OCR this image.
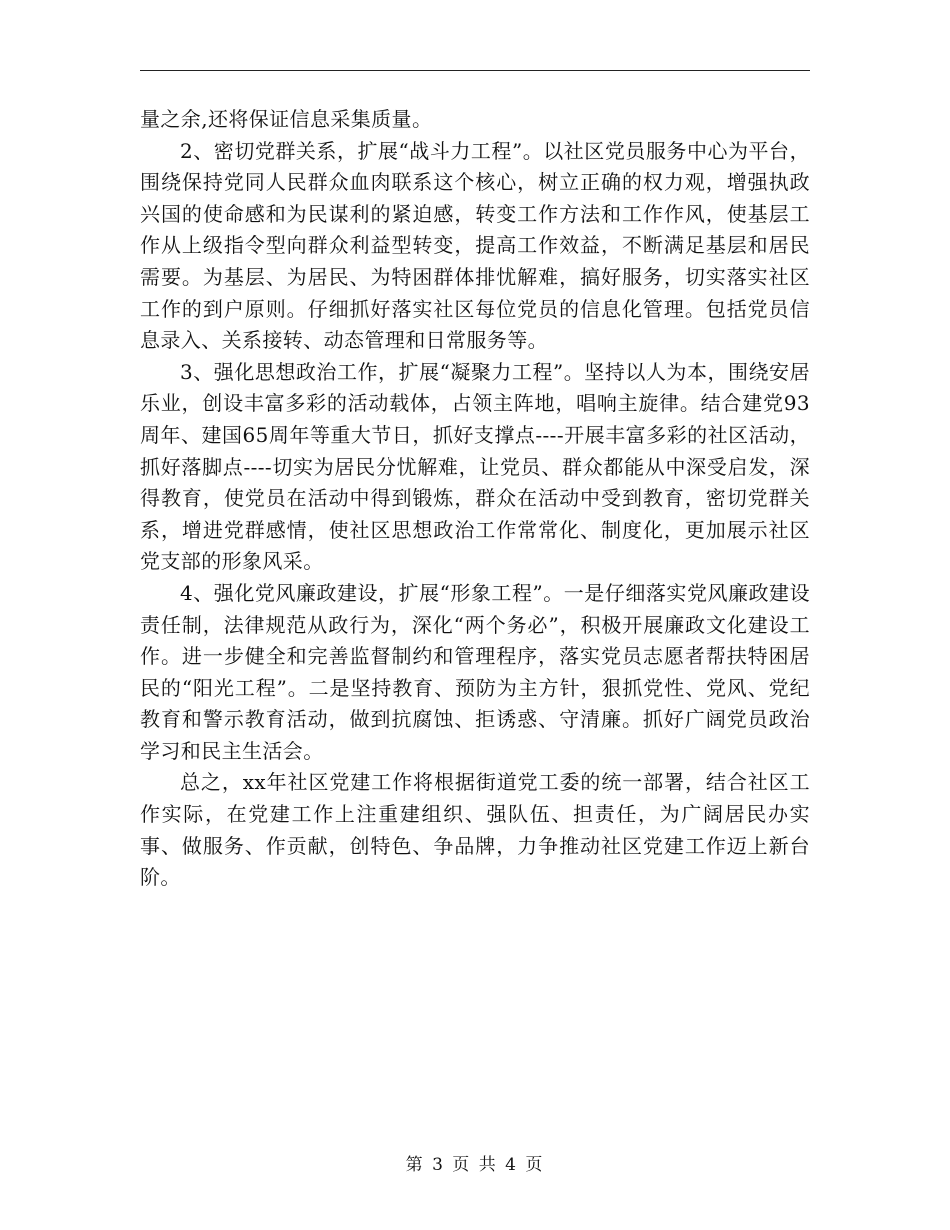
量之余,还将保证信息采集质量。

2、密切党群关系，扩展“战斗力工程”。以社区党员服务中心为平台，围绕保持党同人民群众血肉联系这个核心，树立正确的权力观，增强执政兴国的使命感和为民谋利的紧迫感，转变工作方法和工作作风，使基层工作从上级指令型向群众利益型转变，提高工作效益，不断满足基层和居民需要。为基层、为居民、为特困群体排忧解难，搞好服务，切实落实社区工作的到户原则。仔细抓好落实社区每位党员的信息化管理。包括党员信息录入、关系接转、动态管理和日常服务等。

3、强化思想政治工作，扩展“凝聚力工程”。坚持以人为本，围绕安居乐业，创设丰富多彩的活动载体，占领主阵地，唱响主旋律。结合建党93周年、建国65周年等重大节日，抓好支撑点----开展丰富多彩的社区活动，抓好落脚点----切实为居民分忧解难，让党员、群众都能从中深受启发，深得教育，使党员在活动中得到锻炼，群众在活动中受到教育，密切党群关系，增进党群感情，使社区思想政治工作常常化、制度化，更加展示社区党支部的形象风采。

4、强化党风廉政建设，扩展“形象工程”。一是仔细落实党风廉政建设责任制，法律规范从政行为，深化“两个务必”，积极开展廉政文化建设工作。进一步健全和完善监督制约和管理程序，落实党员志愿者帮扶特困居民的“阳光工程”。二是坚持教育、预防为主方针，狠抓党性、党风、党纪教育和警示教育活动，做到抗腐蚀、拒诱惑、守清廉。抓好广阔党员政治学习和民主生活会。

总之，xx年社区党建工作将根据街道党工委的统一部署，结合社区工作实际，在党建工作上注重建组织、强队伍、担责任，为广阔居民办实事、做服务、作贡献，创特色、争品牌，力争推动社区党建工作迈上新台阶。

第 3 页 共 4 页
